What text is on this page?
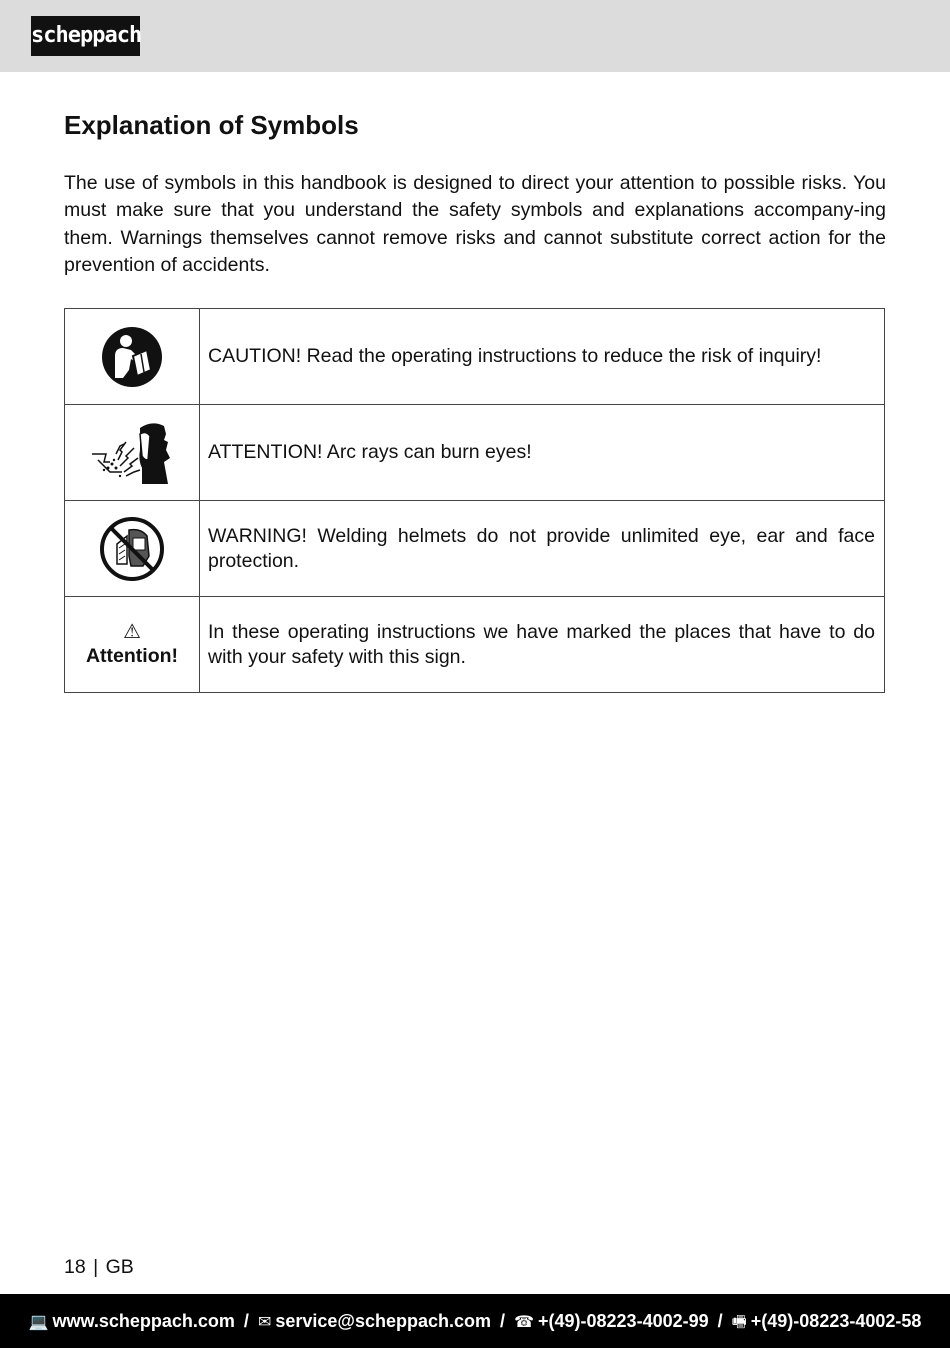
scheppach
Explanation of Symbols

The use of symbols in this handbook is designed to direct your attention to possible risks. You must make sure that you understand the safety symbols and explanations accompany-ing them. Warnings themselves cannot remove risks and cannot substitute correct action for the prevention of accidents.

	CAUTION! Read the operating instructions to reduce the risk of inquiry!

	ATTENTION! Arc rays can burn eyes!

	WARNING! Welding helmets do not provide unlimited eye, ear and face protection.

⚠
Attention!	In these operating instructions we have marked the places that have to do with your safety with this sign.
18 | GB
💻 www.scheppach.com / ✉ service@scheppach.com / ☎ +(49)-08223-4002-99 / 🖷 +(49)-08223-4002-58
